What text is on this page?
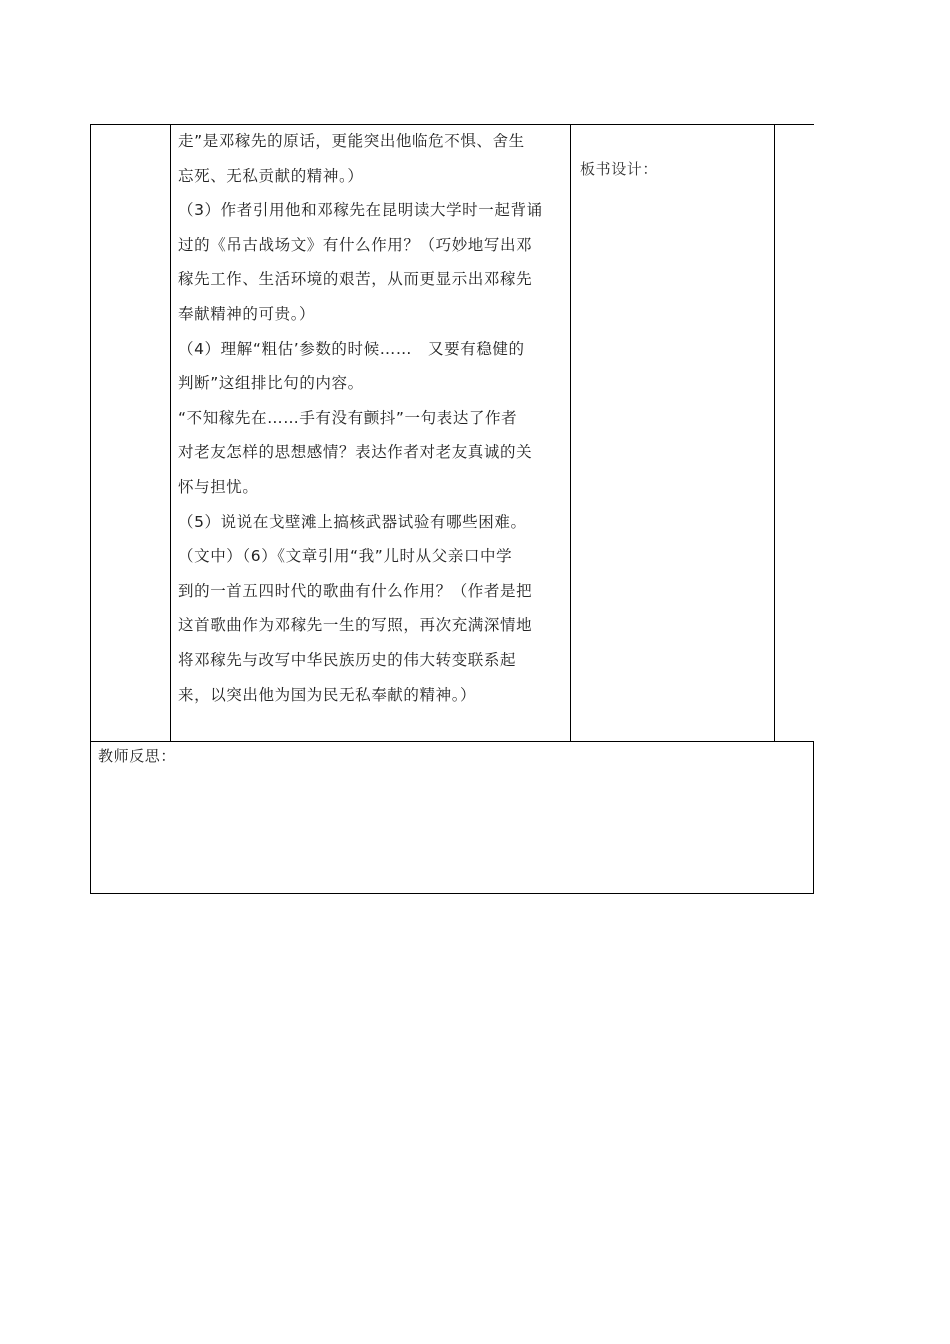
走”是邓稼先的原话，更能突出他临危不惧、舍生

忘死、无私贡献的精神。）

（3）作者引用他和邓稼先在昆明读大学时一起背诵

过的《吊古战场文》有什么作用？（巧妙地写出邓

稼先工作、生活环境的艰苦，从而更显示出邓稼先

奉献精神的可贵。）

（4）理解“粗估’参数的时候……　又要有稳健的

判断”这组排比句的内容。

“不知稼先在……手有没有颤抖”一句表达了作者

对老友怎样的思想感情？表达作者对老友真诚的关

怀与担忧。

（5）说说在戈壁滩上搞核武器试验有哪些困难。

（文中）（6）《文章引用“我”儿时从父亲口中学

到的一首五四时代的歌曲有什么作用？（作者是把

这首歌曲作为邓稼先一生的写照，再次充满深情地

将邓稼先与改写中华民族历史的伟大转变联系起

来，以突出他为国为民无私奉献的精神。）

板书设计：
教师反思：
